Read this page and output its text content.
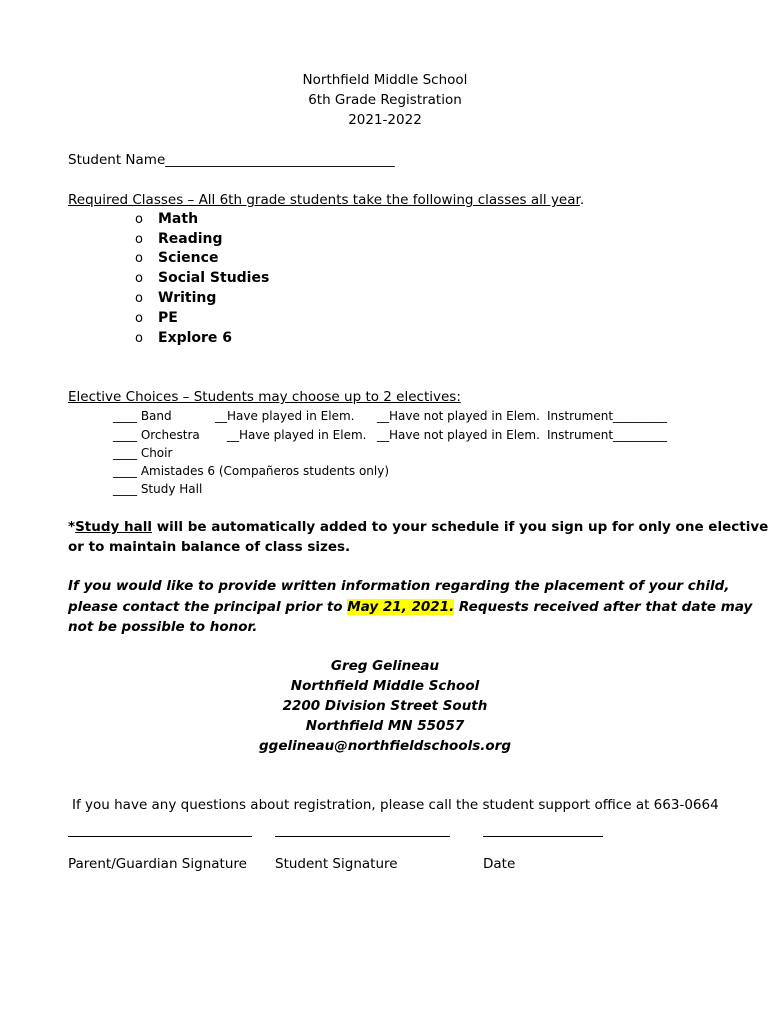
Northfield Middle School
6th Grade Registration
2021-2022
Student Name__________________________________
Required Classes – All 6th grade students take the following classes all year.
o Math
o Reading
o Science
o Social Studies
o Writing
o PE
o Explore 6
Elective Choices – Students may choose up to 2 electives:
____ Band	__Have played in Elem. __Have not played in Elem. Instrument_________
____ Orchestra __Have played in Elem. __Have not played in Elem. Instrument_________
____ Choir
____ Amistades 6 (Compañeros students only)
____ Study Hall
*Study hall will be automatically added to your schedule if you sign up for only one elective
or to maintain balance of class sizes.
If you would like to provide written information regarding the placement of your child,
please contact the principal prior to May 21, 2021. Requests received after that date may
not be possible to honor.
Greg Gelineau
Northfield Middle School
2200 Division Street South
Northfield MN 55057
ggelineau@northfieldschools.org
If you have any questions about registration, please call the student support office at 663-0664
Parent/Guardian Signature Student Signature	Date
